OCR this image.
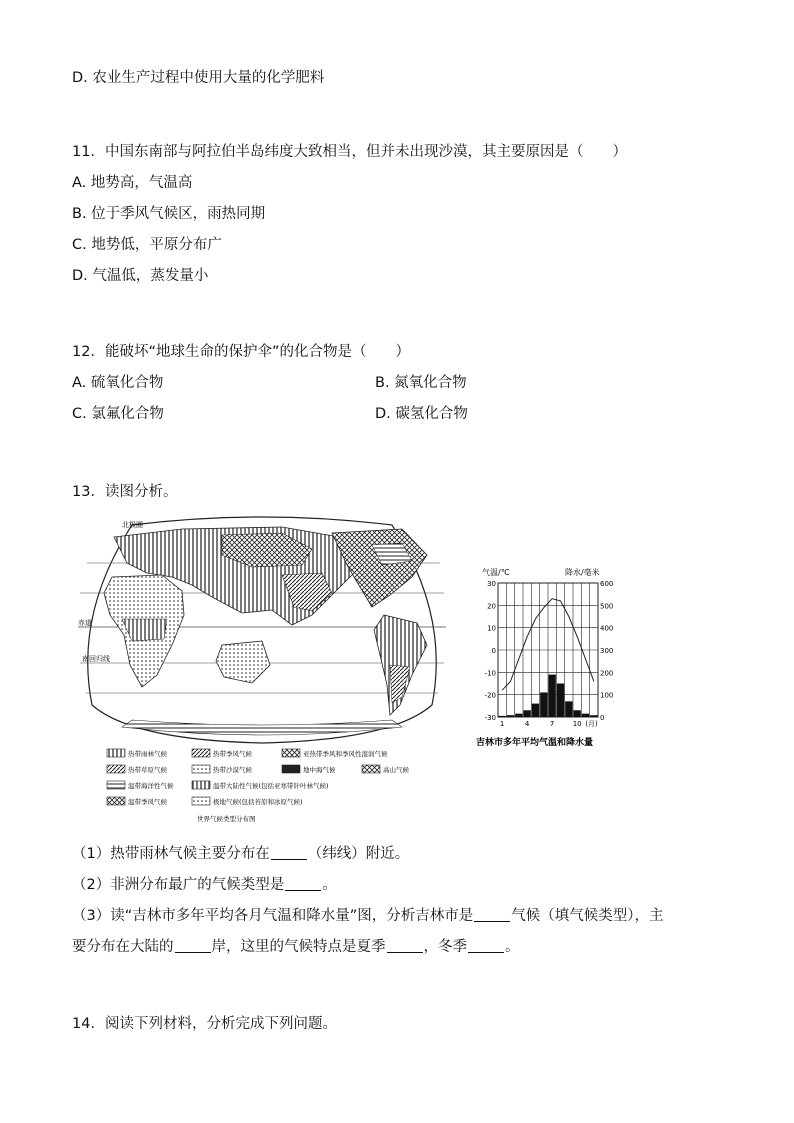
D. 农业生产过程中使用大量的化学肥料
11．中国东南部与阿拉伯半岛纬度大致相当，但并未出现沙漠，其主要原因是（　　）
A. 地势高，气温高
B. 位于季风气候区，雨热同期
C. 地势低，平原分布广
D. 气温低，蒸发量小
12．能破坏“地球生命的保护伞”的化合物是（　　）
A. 硫氧化合物	B. 氮氧化合物
C. 氯氟化合物	D. 碳氢化合物
13．读图分析。
北极圈
赤道
南回归线
热带雨林气候	热带季风气候	亚热带季风和季风性湿润气候
热带草原气候	热带沙漠气候	地中海气候	高山气候
温带海洋性气候	温带大陆性气候(包括亚寒带针叶林气候)
温带季风气候	极地气候(包括苔原和冰原气候)
世界气候类型分布图
气温/℃	降水/毫米
30
20
10
0
-10
-20
-30
600
500
400
300
200
100
0
1	4	7	10 (月)
吉林市多年平均气温和降水量
（1）热带雨林气候主要分布在	（纬线）附近。
（2）非洲分布最广的气候类型是	。
（3）读“吉林市多年平均各月气温和降水量”图，分析吉林市是	气候（填气候类型），主
要分布在大陆的	岸，这里的气候特点是夏季	，冬季	。
14．阅读下列材料，分析完成下列问题。
